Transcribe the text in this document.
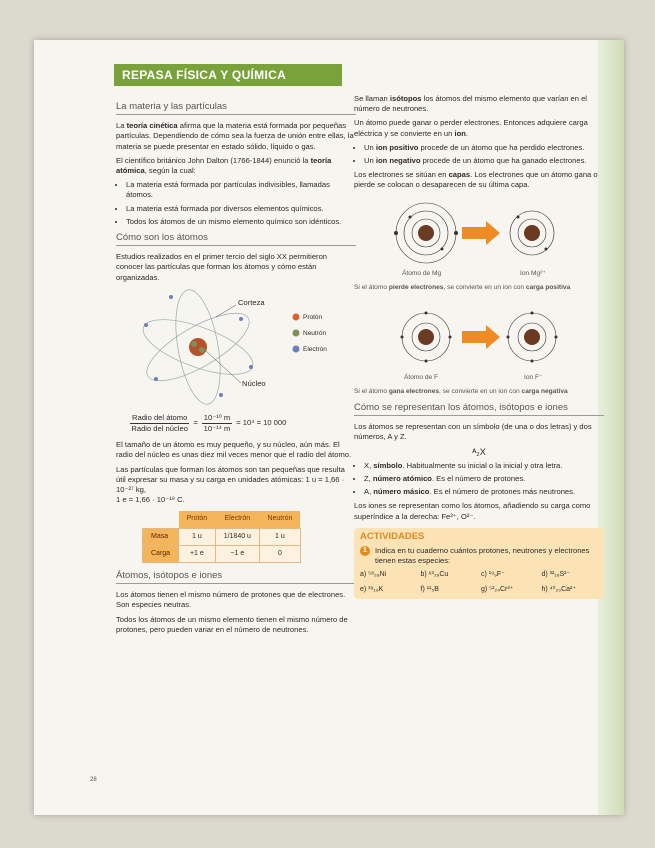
REPASA FÍSICA Y QUÍMICA
La materia y las partículas

La teoría cinética afirma que la materia está formada por pequeñas partículas. Dependiendo de cómo sea la fuerza de unión entre ellas, la materia se puede presentar en estado sólido, líquido o gas.

El científico británico John Dalton (1766-1844) enunció la teoría atómica, según la cual:

• La materia está formada por partículas indivisibles, llamadas átomos.
• La materia está formada por diversos elementos químicos.
• Todos los átomos de un mismo elemento químico son idénticos.
Cómo son los átomos

Estudios realizados en el primer tercio del siglo XX permitieron conocer las partículas que forman los átomos y cómo están organizadas.

Corteza
Núcleo
Protón
Neutrón
Electrón
$\frac{\text{Radio del átomo}}{\text{Radio del núcleo}} = \frac{\text{10⁻¹⁰ m}}{\text{10⁻¹⁴ m}} = 10^4 = 10$ 000

El tamaño de un átomo es muy pequeño, y su núcleo, aún más. El radio del núcleo es unas diez mil veces menor que el radio del átomo.

Las partículas que forman los átomos son tan pequeñas que resulta útil expresar su masa y su carga en unidades atómicas: 1 u = 1,66 · 10⁻²⁷ kg,

1 e = 1,66 · 10⁻¹⁹ C.

	Protón	Electrón	Neutrón
Masa	1 u	1/1840 u	1 u
Carga	+1 e	−1 e	0
Átomos, isótopos e iones

Los átomos tienen el mismo número de protones que de electrones. Son especies neutras.

Todos los átomos de un mismo elemento tienen el mismo número de protones, pero pueden variar en el número de neutrones.

Se llaman isótopos los átomos del mismo elemento que varían en el número de neutrones.

Un átomo puede ganar o perder electrones. Entonces adquiere carga eléctrica y se convierte en un ion.

• Un ion positivo procede de un átomo que ha perdido electrones.
• Un ion negativo procede de un átomo que ha ganado electrones.

Los electrones se sitúan en capas. Los electrones que un átomo gana o pierde se colocan o desaparecen de su última capa.

Átomo de Mg	Ion Mg²⁺
Si el átomo pierde electrones, se convierte en un ion con carga positiva
Átomo de F	Ion F⁻
Si el átomo gana electrones, se convierte en un ion con carga negativa
Cómo se representan los átomos, isótopos e iones

Los átomos se representan con un símbolo (de una o dos letras) y dos números, A y Z.

ᴬ₂X

• X, símbolo. Habitualmente su inicial o la inicial y otra letra.
• Z, número atómico. Es el número de protones.
• A, número másico. Es el número de protones más neutrones.

Los iones se representan como los átomos, añadiendo su carga como superíndice a la derecha: Fe³⁺, O²⁻.

ACTIVIDADES
1	Indica en tu cuaderno cuántos protones, neutrones y electrones tienen estas especies:
a) ⁵⁸₂₈Ni	b) ⁶³₂₉Cu	c) ¹⁹₉F⁻	d) ³²₁₆S²⁻
e) ³⁹₁₉K	f) ¹¹₅B	g) ⁵²₂₄Cr³⁺	h) ⁴⁰₂₀Ca²⁺
28
